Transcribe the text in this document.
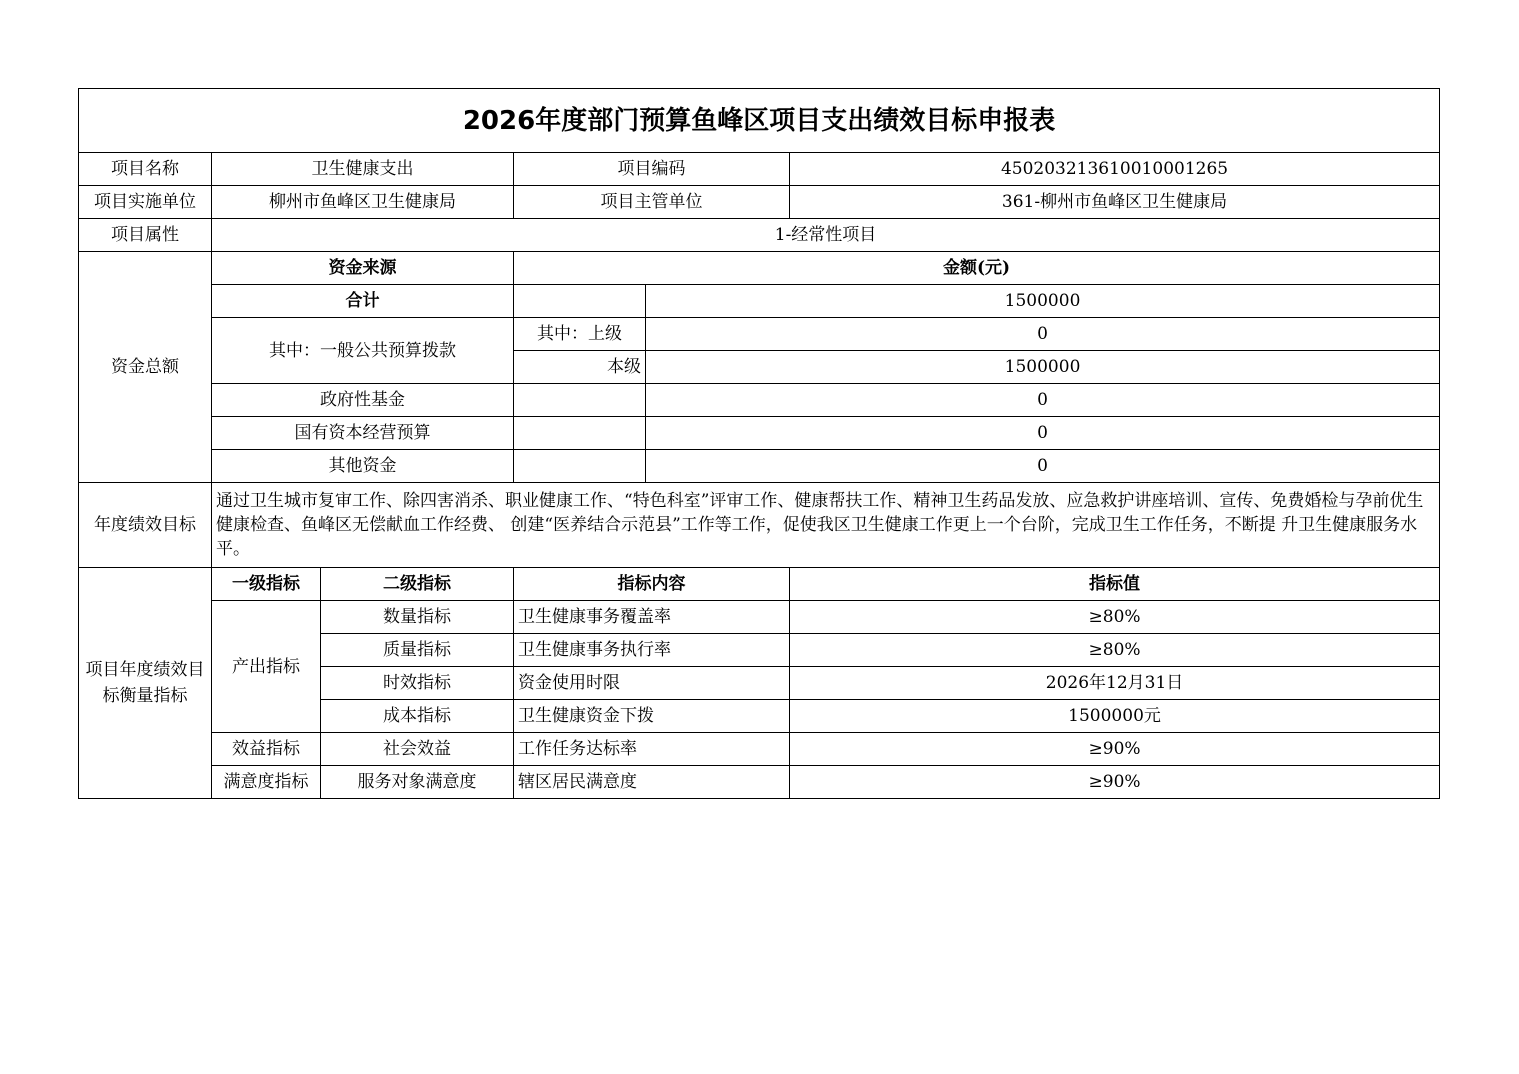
2026年度部门预算鱼峰区项目支出绩效目标申报表					
项目名称	卫生健康支出		项目编码		450203213610010001265
项目实施单位	柳州市鱼峰区卫生健康局		项目主管单位		361-柳州市鱼峰区卫生健康局
项目属性	1-经常性项目				
资金总额	资金来源		金额(元)		
	合计			1500000	
	其中：一般公共预算拨款		其中：上级	0	
			本级	1500000	
	政府性基金			0	
	国有资本经营预算			0	
	其他资金			0	
年度绩效目标	通过卫生城市复审工作、除四害消杀、职业健康工作、“特色科室”评审工作、健康帮扶工作、精神卫生药品发放、应急救护讲座培训、宣传、免费婚检与孕前优生健康检查、鱼峰区无偿献血工作经费、 创建“医养结合示范县”工作等工作，促使我区卫生健康工作更上一个台阶，完成卫生工作任务，不断提 升卫生健康服务水平。				
项目年度绩效目标衡量指标	一级指标	二级指标	指标内容		指标值
	产出指标	数量指标	卫生健康事务覆盖率		≥80%
		质量指标	卫生健康事务执行率		≥80%
		时效指标	资金使用时限		2026年12月31日
		成本指标	卫生健康资金下拨		1500000元
	效益指标	社会效益	工作任务达标率		≥90%
	满意度指标	服务对象满意度	辖区居民满意度		≥90%
